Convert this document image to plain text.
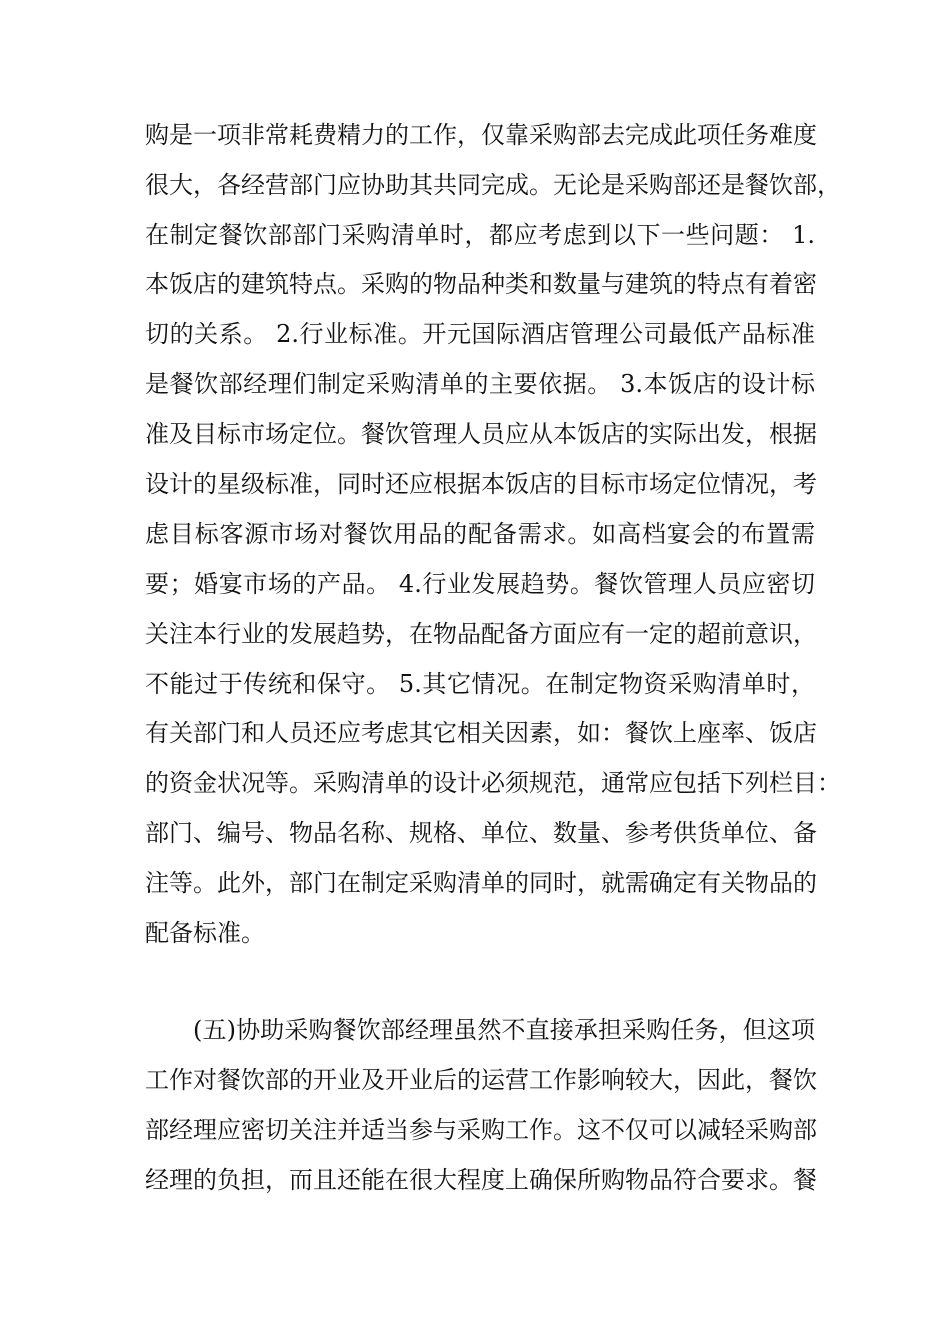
购是一项非常耗费精力的工作，仅靠采购部去完成此项任务难度
很大，各经营部门应协助其共同完成。无论是采购部还是餐饮部，
在制定餐饮部部门采购清单时，都应考虑到以下一些问题： 1.
本饭店的建筑特点。采购的物品种类和数量与建筑的特点有着密
切的关系。 2.行业标准。开元国际酒店管理公司最低产品标准
是餐饮部经理们制定采购清单的主要依据。 3.本饭店的设计标
准及目标市场定位。餐饮管理人员应从本饭店的实际出发，根据
设计的星级标准，同时还应根据本饭店的目标市场定位情况，考
虑目标客源市场对餐饮用品的配备需求。如高档宴会的布置需
要；婚宴市场的产品。 4.行业发展趋势。餐饮管理人员应密切
关注本行业的发展趋势，在物品配备方面应有一定的超前意识，
不能过于传统和保守。 5.其它情况。在制定物资采购清单时，
有关部门和人员还应考虑其它相关因素，如：餐饮上座率、饭店
的资金状况等。采购清单的设计必须规范，通常应包括下列栏目：
部门、编号、物品名称、规格、单位、数量、参考供货单位、备
注等。此外，部门在制定采购清单的同时，就需确定有关物品的
配备标准。
(五)协助采购餐饮部经理虽然不直接承担采购任务，但这项
工作对餐饮部的开业及开业后的运营工作影响较大，因此，餐饮
部经理应密切关注并适当参与采购工作。这不仅可以减轻采购部
经理的负担，而且还能在很大程度上确保所购物品符合要求。餐
